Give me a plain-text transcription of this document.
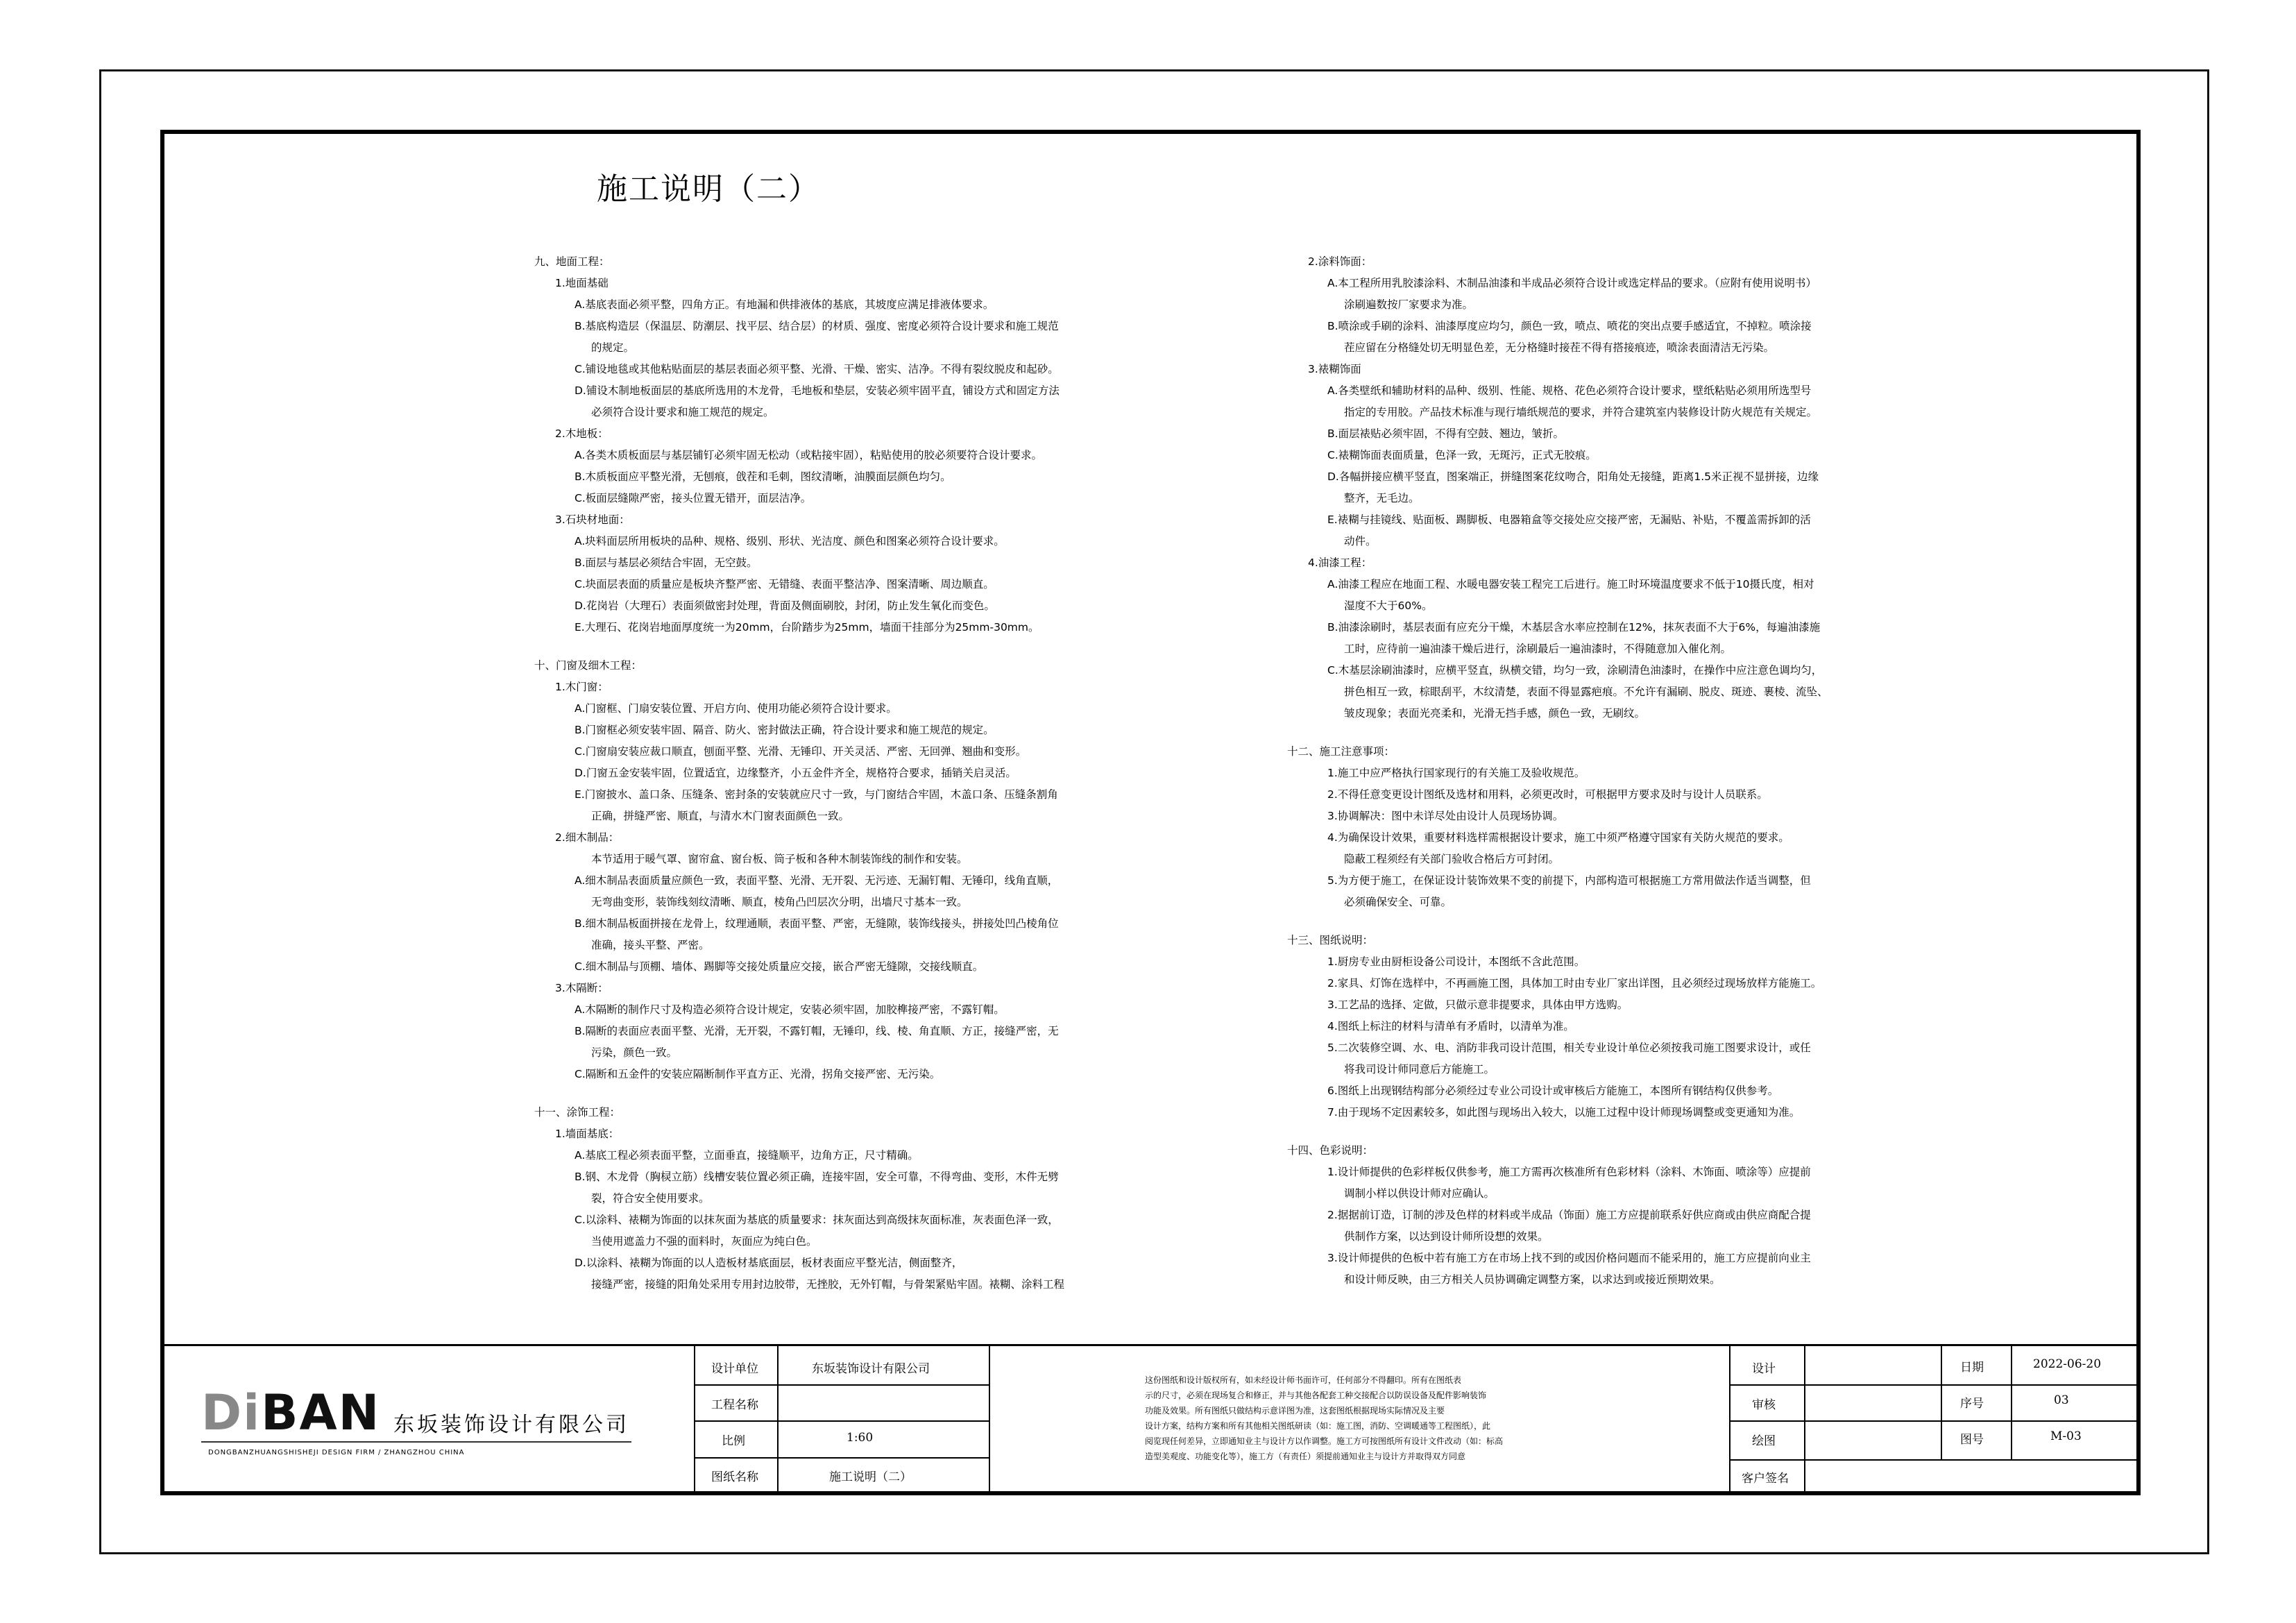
施工说明（二）
九、地面工程：
1.地面基础
A.基底表面必须平整，四角方正。有地漏和供排液体的基底，其坡度应满足排液体要求。
B.基底构造层（保温层、防潮层、找平层、结合层）的材质、强度、密度必须符合设计要求和施工规范
的规定。
C.铺设地毯或其他粘贴面层的基层表面必须平整、光滑、干燥、密实、洁净。不得有裂纹脱皮和起砂。
D.铺设木制地板面层的基底所选用的木龙骨，毛地板和垫层，安装必须牢固平直，铺设方式和固定方法
必须符合设计要求和施工规范的规定。
2.木地板：
A.各类木质板面层与基层铺钉必须牢固无松动（或粘接牢固），粘贴使用的胶必须要符合设计要求。
B.木质板面应平整光滑，无刨痕，戗茬和毛刺，图纹清晰，油膜面层颜色均匀。
C.板面层缝隙严密，接头位置无错开，面层洁净。
3.石块材地面：
A.块料面层所用板块的品种、规格、级别、形状、光洁度、颜色和图案必须符合设计要求。
B.面层与基层必须结合牢固，无空鼓。
C.块面层表面的质量应是板块齐整严密、无错缝、表面平整洁净、图案清晰、周边顺直。
D.花岗岩（大理石）表面须做密封处理，背面及侧面刷胶，封闭，防止发生氧化而变色。
E.大理石、花岗岩地面厚度统一为20mm，台阶踏步为25mm，墙面干挂部分为25mm-30mm。
十、门窗及细木工程：
1.木门窗：
A.门窗框、门扇安装位置、开启方向、使用功能必须符合设计要求。
B.门窗框必须安装牢固、隔音、防火、密封做法正确，符合设计要求和施工规范的规定。
C.门窗扇安装应裁口顺直，刨面平整、光滑、无锤印、开关灵活、严密、无回弹、翘曲和变形。
D.门窗五金安装牢固，位置适宜，边缘整齐，小五金件齐全，规格符合要求，插销关启灵活。
E.门窗披水、盖口条、压缝条、密封条的安装就应尺寸一致，与门窗结合牢固，木盖口条、压缝条割角
正确，拼缝严密、顺直，与清水木门窗表面颜色一致。
2.细木制品：
本节适用于暖气罩、窗帘盒、窗台板、筒子板和各种木制装饰线的制作和安装。
A.细木制品表面质量应颜色一致，表面平整、光滑、无开裂、无污迹、无漏钉帽、无锤印，线角直顺，
无弯曲变形，装饰线刻纹清晰、顺直，棱角凸凹层次分明，出墙尺寸基本一致。
B.细木制品板面拼接在龙骨上，纹理通顺，表面平整、严密，无缝隙，装饰线接头，拼接处凹凸棱角位
准确，接头平整、严密。
C.细木制品与顶棚、墙体、踢脚等交接处质量应交接，嵌合严密无缝隙，交接线顺直。
3.木隔断：
A.木隔断的制作尺寸及构造必须符合设计规定，安装必须牢固，加胶榫接严密，不露钉帽。
B.隔断的表面应表面平整、光滑，无开裂，不露钉帽，无锤印，线、棱、角直顺、方正，接缝严密，无
污染，颜色一致。
C.隔断和五金件的安装应隔断制作平直方正、光滑，拐角交接严密、无污染。
十一、涂饰工程：
1.墙面基底：
A.基底工程必须表面平整，立面垂直，接缝顺平，边角方正，尺寸精确。
B.钢、木龙骨（胸棂立筋）线槽安装位置必须正确，连接牢固，安全可靠，不得弯曲、变形，木件无劈
裂，符合安全使用要求。
C.以涂料、裱糊为饰面的以抹灰面为基底的质量要求：抹灰面达到高级抹灰面标准，灰表面色泽一致，
当使用遮盖力不强的面料时，灰面应为纯白色。
D.以涂料、裱糊为饰面的以人造板材基底面层，板材表面应平整光洁，侧面整齐，
接缝严密，接缝的阳角处采用专用封边胶带，无挫胶，无外钉帽，与骨架紧贴牢固。裱糊、涂料工程
2.涂料饰面：
A.本工程所用乳胶漆涂料、木制品油漆和半成品必须符合设计或选定样品的要求。（应附有使用说明书）
涂刷遍数按厂家要求为准。
B.喷涂或手刷的涂料、油漆厚度应均匀，颜色一致，喷点、喷花的突出点要手感适宜，不掉粒。喷涂接
茬应留在分格缝处切无明显色差，无分格缝时接茬不得有搭接痕迹，喷涂表面清洁无污染。
3.裱糊饰面
A.各类壁纸和辅助材料的品种、级别、性能、规格、花色必须符合设计要求，壁纸粘贴必须用所选型号
指定的专用胶。产品技术标准与现行墙纸规范的要求，并符合建筑室内装修设计防火规范有关规定。
B.面层裱贴必须牢固，不得有空鼓、翘边，皱折。
C.裱糊饰面表面质量，色泽一致，无斑污，正式无胶痕。
D.各幅拼接应横平竖直，图案端正，拼缝图案花纹吻合，阳角处无接缝，距离1.5米正视不显拼接，边缘
整齐，无毛边。
E.裱糊与挂镜线、贴面板、踢脚板、电器箱盒等交接处应交接严密，无漏贴、补贴，不覆盖需拆卸的活
动件。
4.油漆工程：
A.油漆工程应在地面工程、水暖电器安装工程完工后进行。施工时环境温度要求不低于10摄氏度，相对
湿度不大于60%。
B.油漆涂刷时，基层表面有应充分干燥，木基层含水率应控制在12%，抹灰表面不大于6%，每遍油漆施
工时，应待前一遍油漆干燥后进行，涂刷最后一遍油漆时，不得随意加入催化剂。
C.木基层涂刷油漆时，应横平竖直，纵横交错，均匀一致，涂刷清色油漆时，在操作中应注意色调均匀，
拼色相互一致，棕眼刮平，木纹清楚，表面不得显露疤痕。不允许有漏刷、脱皮、斑迹、裹棱、流坠、
皱皮现象；表面光亮柔和，光滑无挡手感，颜色一致，无刷纹。
十二、施工注意事项：
1.施工中应严格执行国家现行的有关施工及验收规范。
2.不得任意变更设计图纸及选材和用料，必须更改时，可根据甲方要求及时与设计人员联系。
3.协调解决：图中未详尽处由设计人员现场协调。
4.为确保设计效果，重要材料选样需根据设计要求，施工中须严格遵守国家有关防火规范的要求。
隐蔽工程须经有关部门验收合格后方可封闭。
5.为方便于施工，在保证设计装饰效果不变的前提下，内部构造可根据施工方常用做法作适当调整，但
必须确保安全、可靠。
十三、图纸说明：
1.厨房专业由厨柜设备公司设计，本图纸不含此范围。
2.家具、灯饰在选样中，不再画施工图，具体加工时由专业厂家出详图，且必须经过现场放样方能施工。
3.工艺品的选择、定做，只做示意非提要求，具体由甲方选购。
4.图纸上标注的材料与清单有矛盾时，以清单为准。
5.二次装修空调、水、电、消防非我司设计范围，相关专业设计单位必须按我司施工图要求设计，或任
将我司设计师同意后方能施工。
6.图纸上出现钢结构部分必须经过专业公司设计或审核后方能施工，本图所有钢结构仅供参考。
7.由于现场不定因素较多，如此图与现场出入较大，以施工过程中设计师现场调整或变更通知为准。
十四、色彩说明：
1.设计师提供的色彩样板仅供参考，施工方需再次核准所有色彩材料（涂料、木饰面、喷涂等）应提前
调制小样以供设计师对应确认。
2.据据前订造，订制的涉及色样的材料或半成品（饰面）施工方应提前联系好供应商或由供应商配合提
供制作方案，以达到设计师所设想的效果。
3.设计师提供的色板中若有施工方在市场上找不到的或因价格问题而不能采用的，施工方应提前向业主
和设计师反映，由三方相关人员协调确定调整方案，以求达到或接近预期效果。
DiBAN 东坂装饰设计有限公司
DONGBANZHUANGSHISHEJI DESIGN FIRM / ZHANGZHOU CHINA
设计单位
工程名称
比例
图纸名称
东坂装饰设计有限公司
1:60
施工说明（二）
这份图纸和设计版权所有，如未经设计师书面许可，任何部分不得翻印。所有在图纸表
示的尺寸，必须在现场复合和修正，并与其他各配套工种交接配合以防误设备及配件影响装饰
功能及效果。所有图纸只做结构示意详图为准，这套图纸根据现场实际情况及主要
设计方案，结构方案和所有其他相关图纸研读（如：施工图，消防、空调暖通等工程图纸），此
阅览现任何差异，立即通知业主与设计方以作调整。施工方可按图纸所有设计文件改动（如：标高
造型美观度、功能变化等），施工方（有责任）须提前通知业主与设计方并取得双方同意
设计
审核
绘图
客户签名
日期
序号
图号
2022-06-20
03
M-03
